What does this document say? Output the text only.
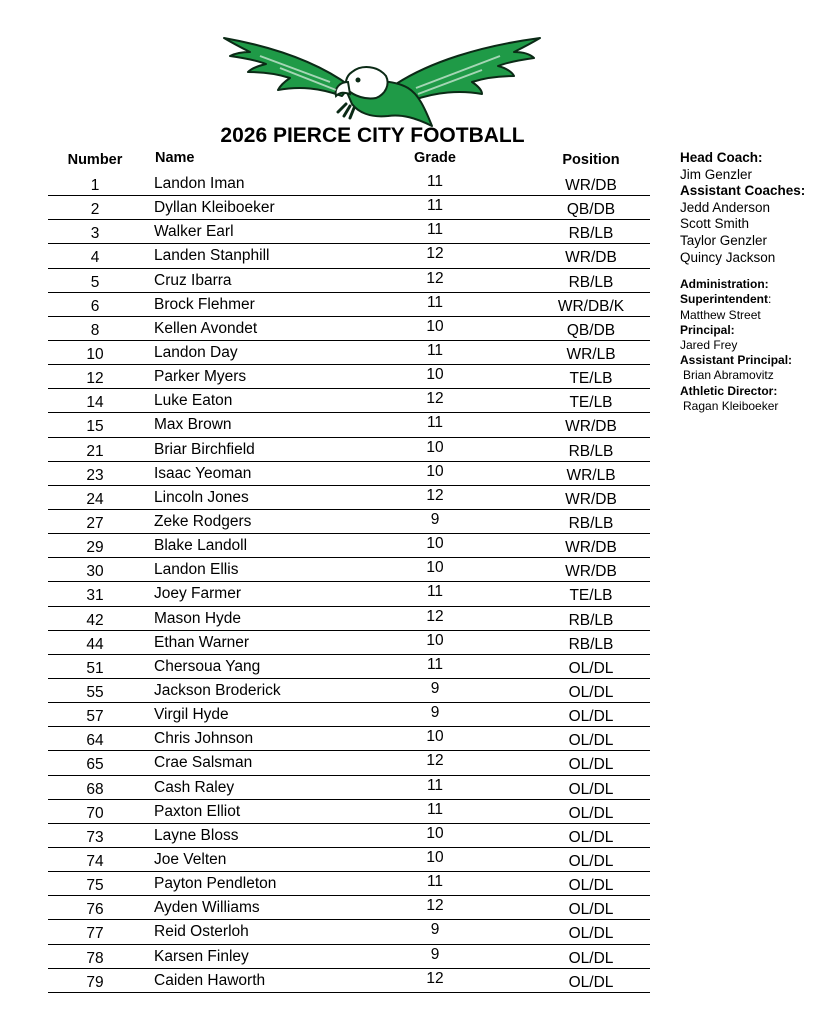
2026 PIERCE CITY FOOTBALL
Number	Name	Grade	Position
1	Landon Iman	11	WR/DB
2	Dyllan Kleiboeker	11	QB/DB
3	Walker Earl	11	RB/LB
4	Landen Stanphill	12	WR/DB
5	Cruz Ibarra	12	RB/LB
6	Brock Flehmer	11	WR/DB/K
8	Kellen Avondet	10	QB/DB
10	Landon Day	11	WR/LB
12	Parker Myers	10	TE/LB
14	Luke Eaton	12	TE/LB
15	Max Brown	11	WR/DB
21	Briar Birchfield	10	RB/LB
23	Isaac Yeoman	10	WR/LB
24	Lincoln Jones	12	WR/DB
27	Zeke Rodgers	9	RB/LB
29	Blake Landoll	10	WR/DB
30	Landon Ellis	10	WR/DB
31	Joey Farmer	11	TE/LB
42	Mason Hyde	12	RB/LB
44	Ethan Warner	10	RB/LB
51	Chersoua Yang	11	OL/DL
55	Jackson Broderick	9	OL/DL
57	Virgil Hyde	9	OL/DL
64	Chris Johnson	10	OL/DL
65	Crae Salsman	12	OL/DL
68	Cash Raley	11	OL/DL
70	Paxton Elliot	11	OL/DL
73	Layne Bloss	10	OL/DL
74	Joe Velten	10	OL/DL
75	Payton Pendleton	11	OL/DL
76	Ayden Williams	12	OL/DL
77	Reid Osterloh	9	OL/DL
78	Karsen Finley	9	OL/DL
79	Caiden Haworth	12	OL/DL
Head Coach:
Jim Genzler
Assistant Coaches:
Jedd Anderson
Scott Smith
Taylor Genzler
Quincy Jackson
Administration:
Superintendent:
Matthew Street
Principal:
Jared Frey
Assistant Principal:
Brian Abramovitz
Athletic Director:
Ragan Kleiboeker
